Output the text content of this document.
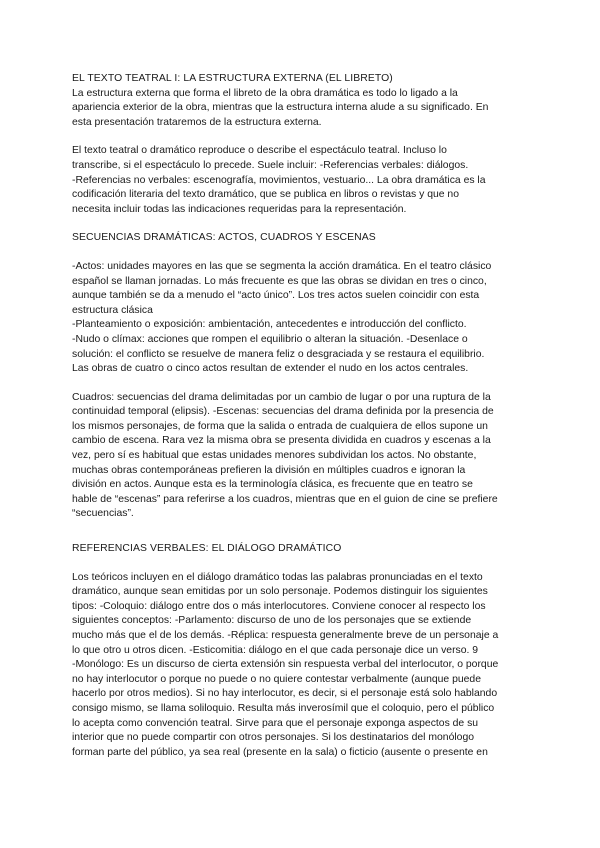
EL TEXTO TEATRAL I: LA ESTRUCTURA EXTERNA (EL LIBRETO)
La estructura externa que forma el libreto de la obra dramática es todo lo ligado a la
apariencia exterior de la obra, mientras que la estructura interna alude a su significado. En
esta presentación trataremos de la estructura externa.
El texto teatral o dramático reproduce o describe el espectáculo teatral. Incluso lo
transcribe, si el espectáculo lo precede. Suele incluir: -Referencias verbales: diálogos.
-Referencias no verbales: escenografía, movimientos, vestuario... La obra dramática es la
codificación literaria del texto dramático, que se publica en libros o revistas y que no
necesita incluir todas las indicaciones requeridas para la representación.
SECUENCIAS DRAMÁTICAS: ACTOS, CUADROS Y ESCENAS
-Actos: unidades mayores en las que se segmenta la acción dramática. En el teatro clásico
español se llaman jornadas. Lo más frecuente es que las obras se dividan en tres o cinco,
aunque también se da a menudo el “acto único”. Los tres actos suelen coincidir con esta
estructura clásica
-Planteamiento o exposición: ambientación, antecedentes e introducción del conflicto.
-Nudo o clímax: acciones que rompen el equilibrio o alteran la situación. -Desenlace o
solución: el conflicto se resuelve de manera feliz o desgraciada y se restaura el equilibrio.
Las obras de cuatro o cinco actos resultan de extender el nudo en los actos centrales.
Cuadros: secuencias del drama delimitadas por un cambio de lugar o por una ruptura de la
continuidad temporal (elipsis). -Escenas: secuencias del drama definida por la presencia de
los mismos personajes, de forma que la salida o entrada de cualquiera de ellos supone un
cambio de escena. Rara vez la misma obra se presenta dividida en cuadros y escenas a la
vez, pero sí es habitual que estas unidades menores subdividan los actos. No obstante,
muchas obras contemporáneas prefieren la división en múltiples cuadros e ignoran la
división en actos. Aunque esta es la terminología clásica, es frecuente que en teatro se
hable de “escenas” para referirse a los cuadros, mientras que en el guion de cine se prefiere
“secuencias”.
REFERENCIAS VERBALES: EL DIÁLOGO DRAMÁTICO
Los teóricos incluyen en el diálogo dramático todas las palabras pronunciadas en el texto
dramático, aunque sean emitidas por un solo personaje. Podemos distinguir los siguientes
tipos: -Coloquio: diálogo entre dos o más interlocutores. Conviene conocer al respecto los
siguientes conceptos: -Parlamento: discurso de uno de los personajes que se extiende
mucho más que el de los demás. -Réplica: respuesta generalmente breve de un personaje a
lo que otro u otros dicen. -Esticomitia: diálogo en el que cada personaje dice un verso. 9
-Monólogo: Es un discurso de cierta extensión sin respuesta verbal del interlocutor, o porque
no hay interlocutor o porque no puede o no quiere contestar verbalmente (aunque puede
hacerlo por otros medios). Si no hay interlocutor, es decir, si el personaje está solo hablando
consigo mismo, se llama soliloquio. Resulta más inverosímil que el coloquio, pero el público
lo acepta como convención teatral. Sirve para que el personaje exponga aspectos de su
interior que no puede compartir con otros personajes. Si los destinatarios del monólogo
forman parte del público, ya sea real (presente en la sala) o ficticio (ausente o presente en
